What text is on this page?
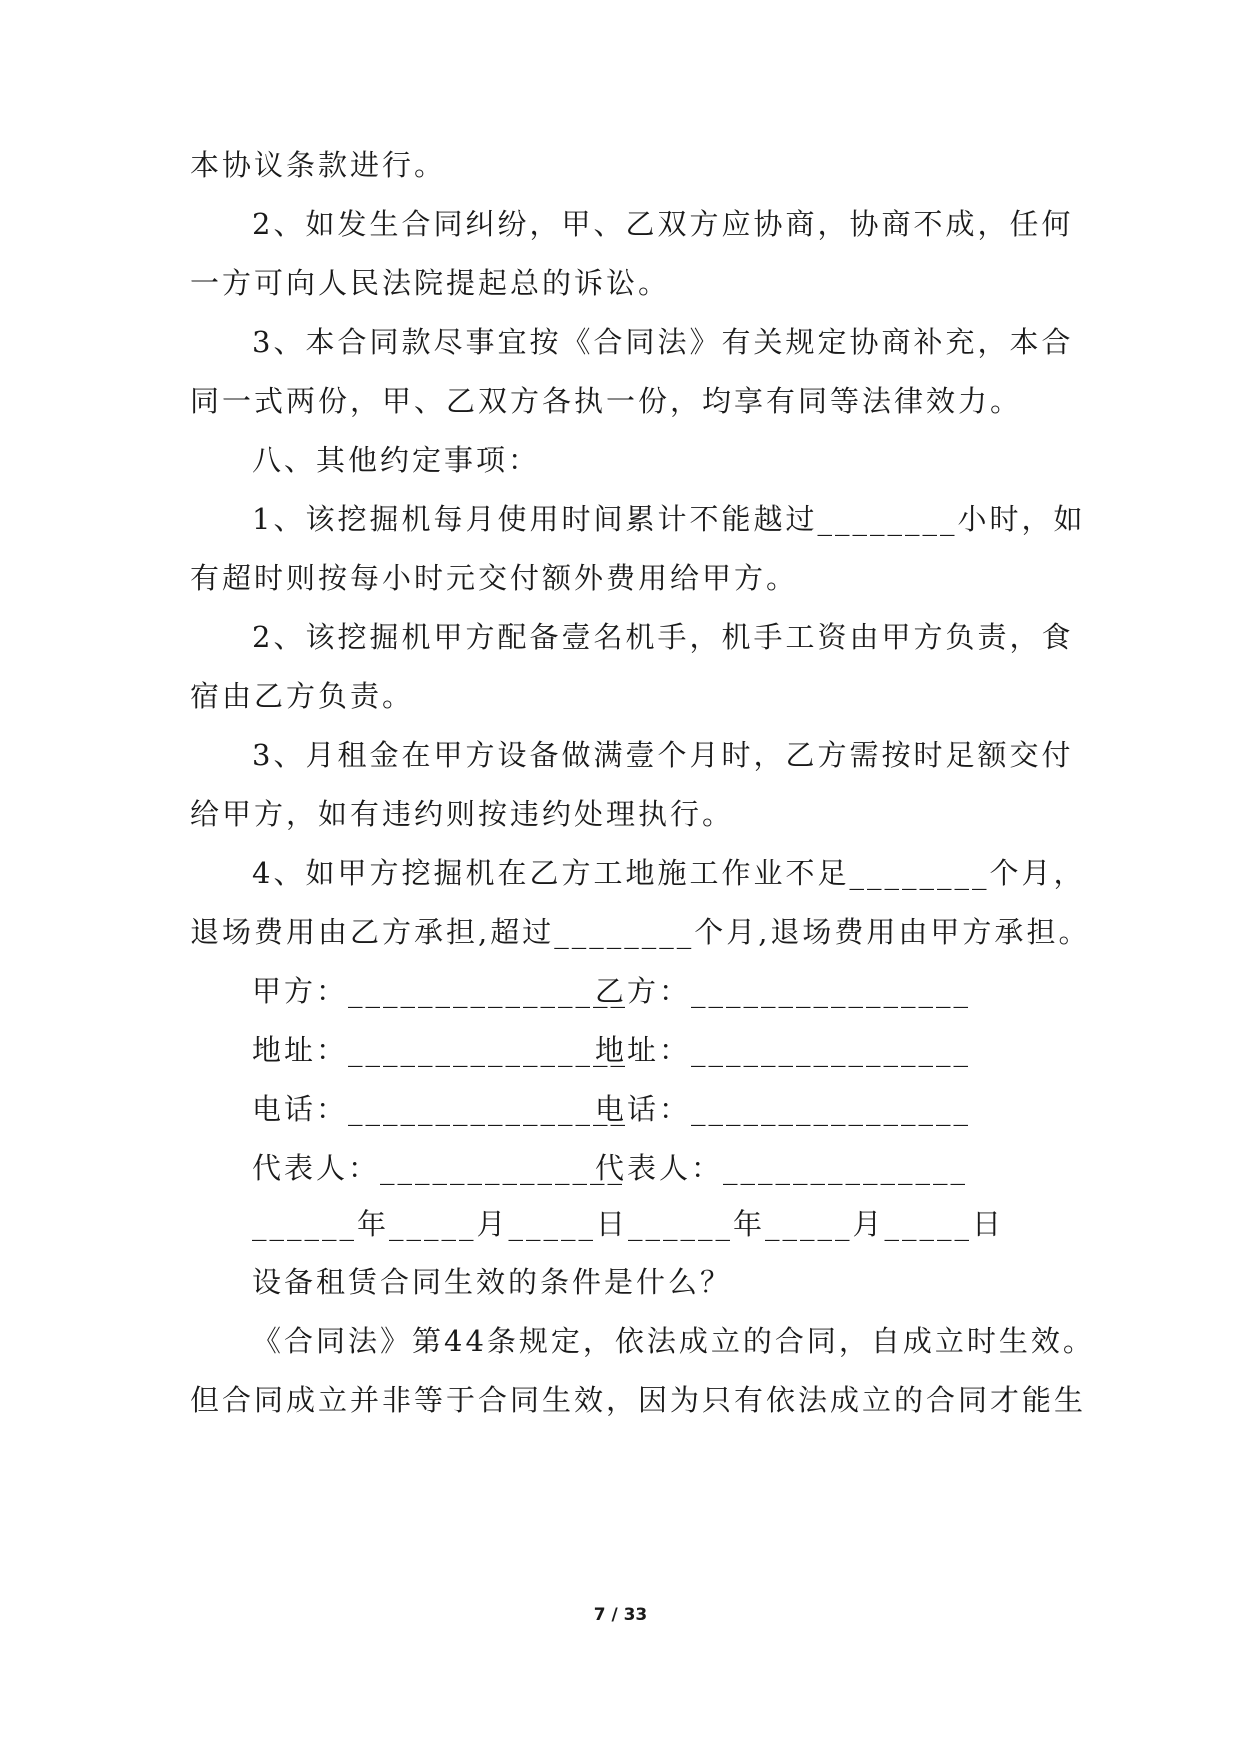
本协议条款进行。
2、如发生合同纠纷，甲、乙双方应协商，协商不成，任何
一方可向人民法院提起总的诉讼。
3、本合同款尽事宜按《合同法》有关规定协商补充，本合
同一式两份，甲、乙双方各执一份，均享有同等法律效力。
八、其他约定事项：
1、该挖掘机每月使用时间累计不能越过________小时，如
有超时则按每小时元交付额外费用给甲方。
2、该挖掘机甲方配备壹名机手，机手工资由甲方负责，食
宿由乙方负责。
3、月租金在甲方设备做满壹个月时，乙方需按时足额交付
给甲方，如有违约则按违约处理执行。
4、如甲方挖掘机在乙方工地施工作业不足________个月，
退场费用由乙方承担,超过________个月,退场费用由甲方承担。
甲方：________________
乙方：________________
地址：________________
地址：________________
电话：________________
电话：________________
代表人：______________
代表人：______________
______年_____月_____日______年_____月_____日
设备租赁合同生效的条件是什么？
《合同法》第44条规定，依法成立的合同，自成立时生效。
但合同成立并非等于合同生效，因为只有依法成立的合同才能生
7 / 33
